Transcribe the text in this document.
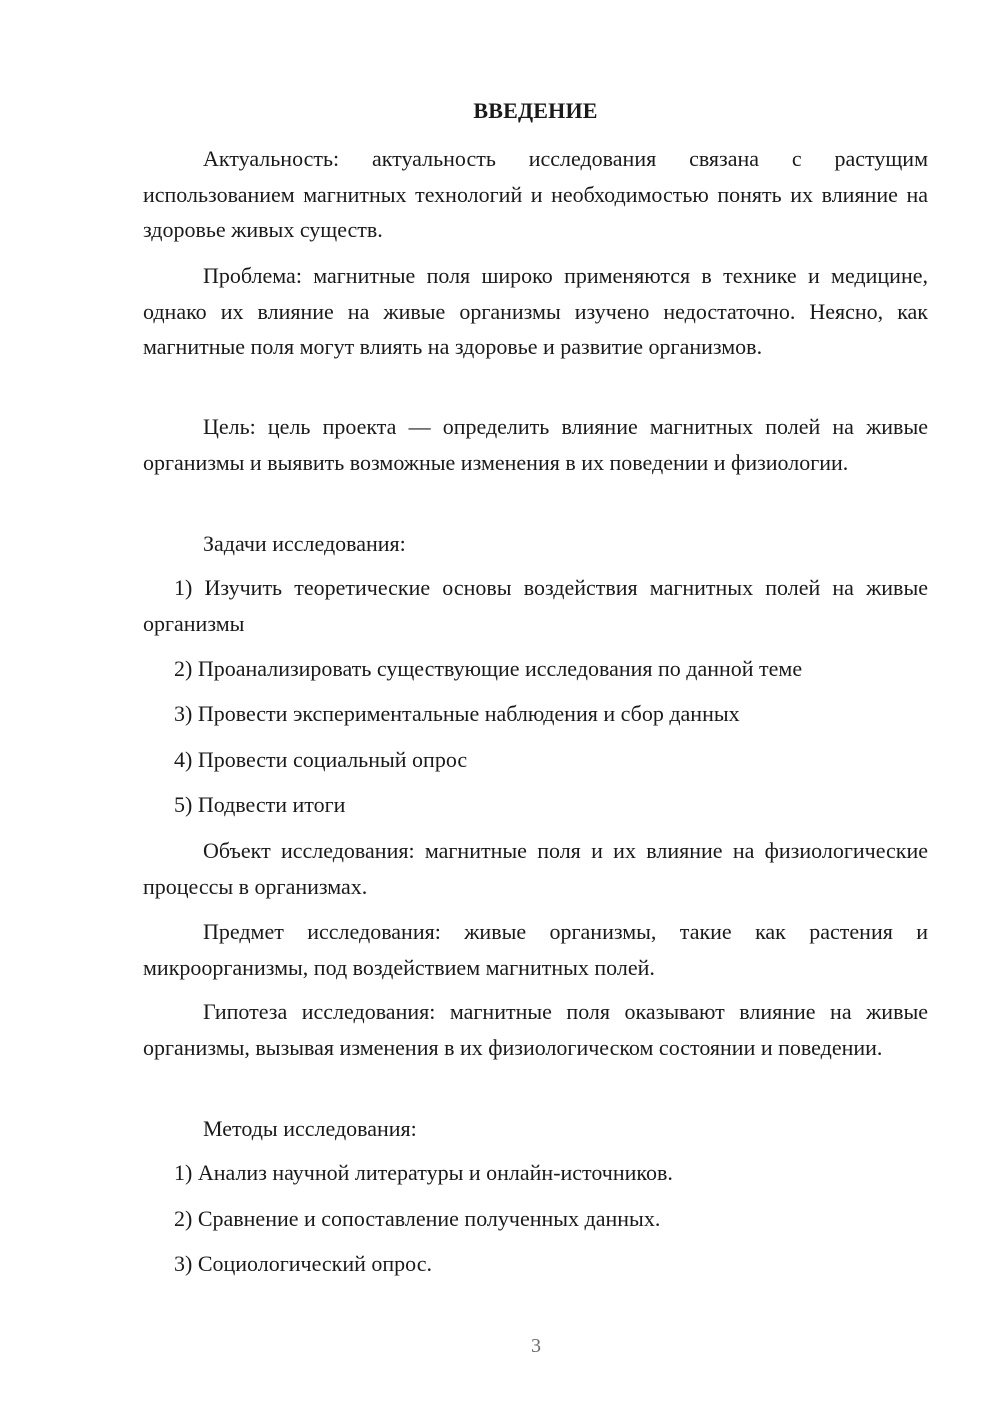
ВВЕДЕНИЕ

Актуальность: актуальность исследования связана с растущим использованием магнитных технологий и необходимостью понять их влияние на здоровье живых существ.

Проблема: магнитные поля широко применяются в технике и медицине, однако их влияние на живые организмы изучено недостаточно. Неясно, как магнитные поля могут влиять на здоровье и развитие организмов.

Цель: цель проекта — определить влияние магнитных полей на живые организмы и выявить возможные изменения в их поведении и физиологии.

Задачи исследования:

1) Изучить теоретические основы воздействия магнитных полей на живые организмы

2) Проанализировать существующие исследования по данной теме

3) Провести экспериментальные наблюдения и сбор данных

4) Провести социальный опрос

5) Подвести итоги

Объект исследования: магнитные поля и их влияние на физиологические процессы в организмах.

Предмет исследования: живые организмы, такие как растения и микроорганизмы, под воздействием магнитных полей.

Гипотеза исследования: магнитные поля оказывают влияние на живые организмы, вызывая изменения в их физиологическом состоянии и поведении.

Методы исследования:

1) Анализ научной литературы и онлайн-источников.

2) Сравнение и сопоставление полученных данных.

3) Социологический опрос.

3
